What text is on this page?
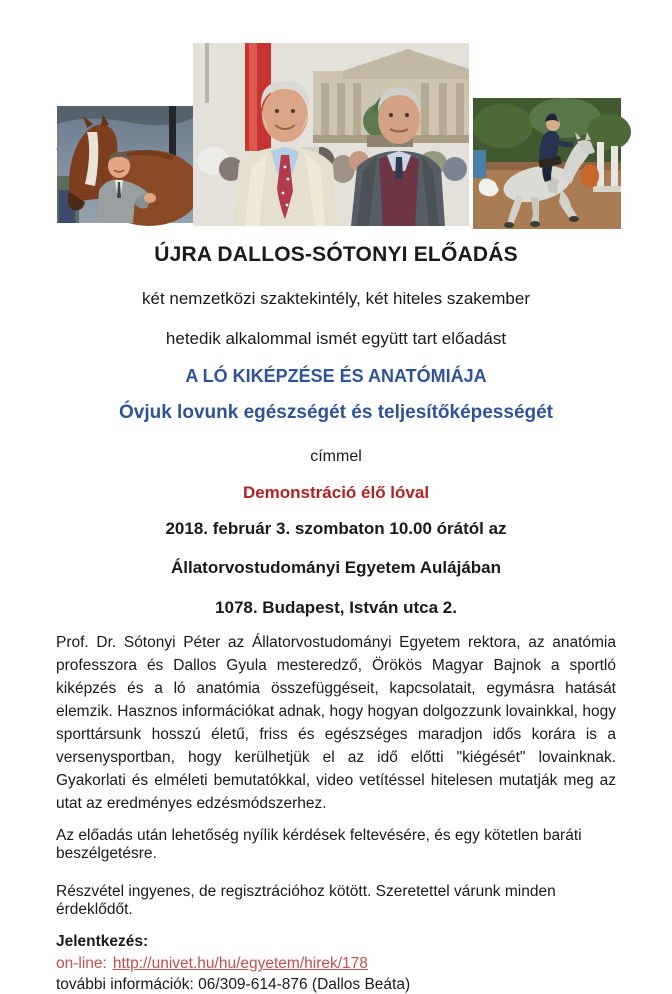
ÚJRA DALLOS-SÓTONYI ELŐADÁS

két nemzetközi szaktekintély, két hiteles szakember

hetedik alkalommal ismét együtt tart előadást

A LÓ KIKÉPZÉSE ÉS ANATÓMIÁJA

Óvjuk lovunk egészségét és teljesítőképességét

címmel

Demonstráció élő lóval

2018. február 3. szombaton 10.00 órától az

Állatorvostudományi Egyetem Aulájában

1078. Budapest, István utca 2.

Prof. Dr. Sótonyi Péter az Állatorvostudományi Egyetem rektora, az anatómia professzora és Dallos Gyula mesteredző, Örökös Magyar Bajnok a sportló kiképzés és a ló anatómia összefüggéseit, kapcsolatait, egymásra hatását elemzik. Hasznos információkat adnak, hogy hogyan dolgozzunk lovainkkal, hogy sporttársunk hosszú életű, friss és egészséges maradjon idős korára is a versenysportban, hogy kerülhetjük el az idő előtti "kiégését" lovainknak. Gyakorlati és elméleti bemutatókkal, video vetítéssel hitelesen mutatják meg az utat az eredményes edzésmódszerhez.

Az előadás után lehetőség nyílik kérdések feltevésére, és egy kötetlen baráti beszélgetésre.

Részvétel ingyenes, de regisztrációhoz kötött. Szeretettel várunk minden érdeklődőt.

Jelentkezés:

on-line: http://univet.hu/hu/egyetem/hirek/178

további információk: 06/309-614-876 (Dallos Beáta)
